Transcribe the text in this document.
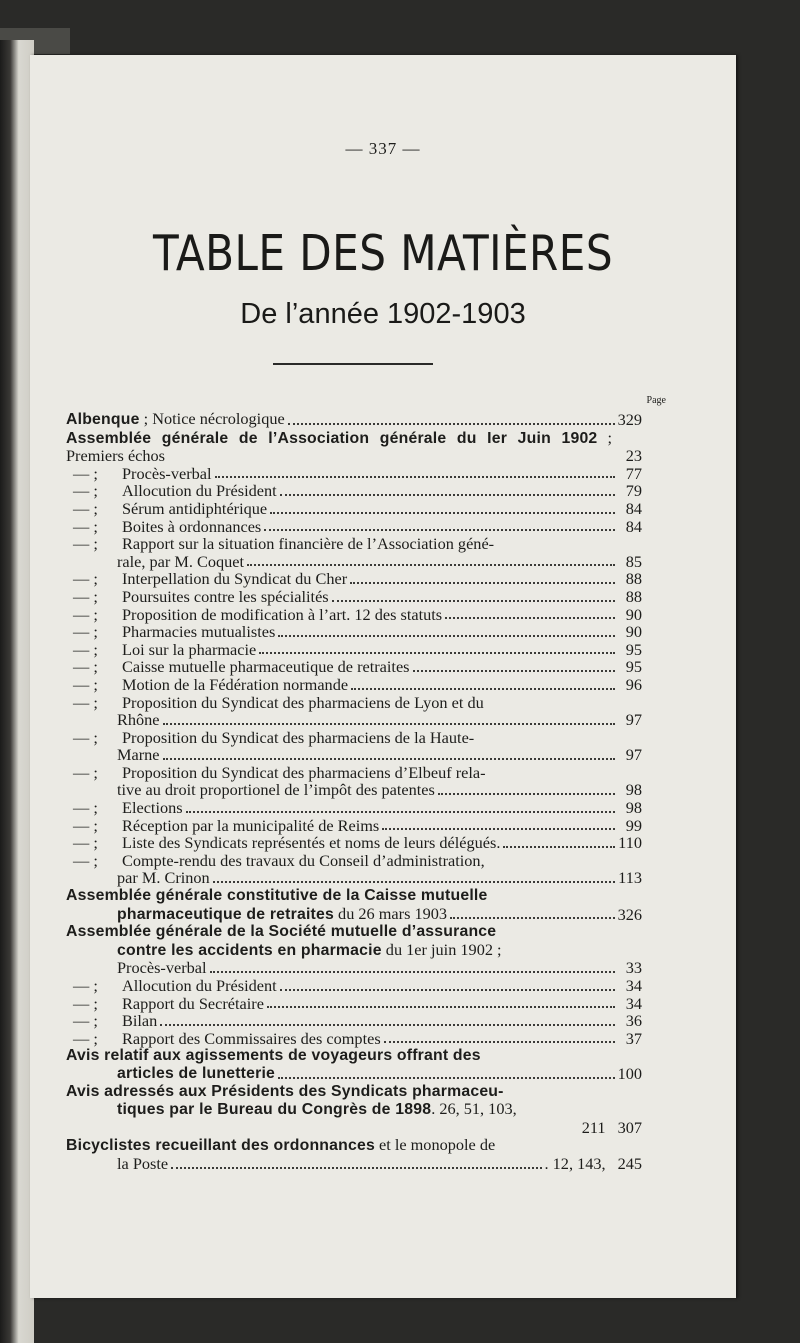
— 337 —
TABLE DES MATIÈRES
De l’année 1902-1903
Page
Albenque ; Notice nécrologique	329
Assemblée générale de l’Association générale du Ier Juin 1902 ; Premiers échos	23
— ;	Procès-verbal	77
— ;	Allocution du Président	79
— ;	Sérum antidiphtérique	84
— ;	Boites à ordonnances	84
— ;	Rapport sur la situation financière de l’Association géné-
rale, par M. Coquet	85
— ;	Interpellation du Syndicat du Cher	88
— ;	Poursuites contre les spécialités	88
— ;	Proposition de modification à l’art. 12 des statuts	90
— ;	Pharmacies mutualistes	90
— ;	Loi sur la pharmacie	95
— ;	Caisse mutuelle pharmaceutique de retraites	95
— ;	Motion de la Fédération normande	96
— ;	Proposition du Syndicat des pharmaciens de Lyon et du
Rhône	97
— ;	Proposition du Syndicat des pharmaciens de la Haute-
Marne	97
— ;	Proposition du Syndicat des pharmaciens d’Elbeuf rela-
tive au droit proportionel de l’impôt des patentes	98
— ;	Elections	98
— ;	Réception par la municipalité de Reims	99
— ;	Liste des Syndicats représentés et noms de leurs délégués.	110
— ;	Compte-rendu des travaux du Conseil d’administration,
par M. Crinon	113
Assemblée générale constitutive de la Caisse mutuelle
pharmaceutique de retraites du 26 mars 1903	326
Assemblée générale de la Société mutuelle d’assurance
contre les accidents en pharmacie du 1er juin 1902 ;
Procès-verbal	33
— ;	Allocution du Président	34
— ;	Rapport du Secrétaire	34
— ;	Bilan	36
— ;	Rapport des Commissaires des comptes	37
Avis relatif aux agissements de voyageurs offrant des
articles de lunetterie	100
Avis adressés aux Présidents des Syndicats pharmaceu-
tiques par le Bureau du Congrès de 1898. 26, 51, 103,
211 307
Bicyclistes recueillant des ordonnances et le monopole de
la Poste	. 12, 143, 245
